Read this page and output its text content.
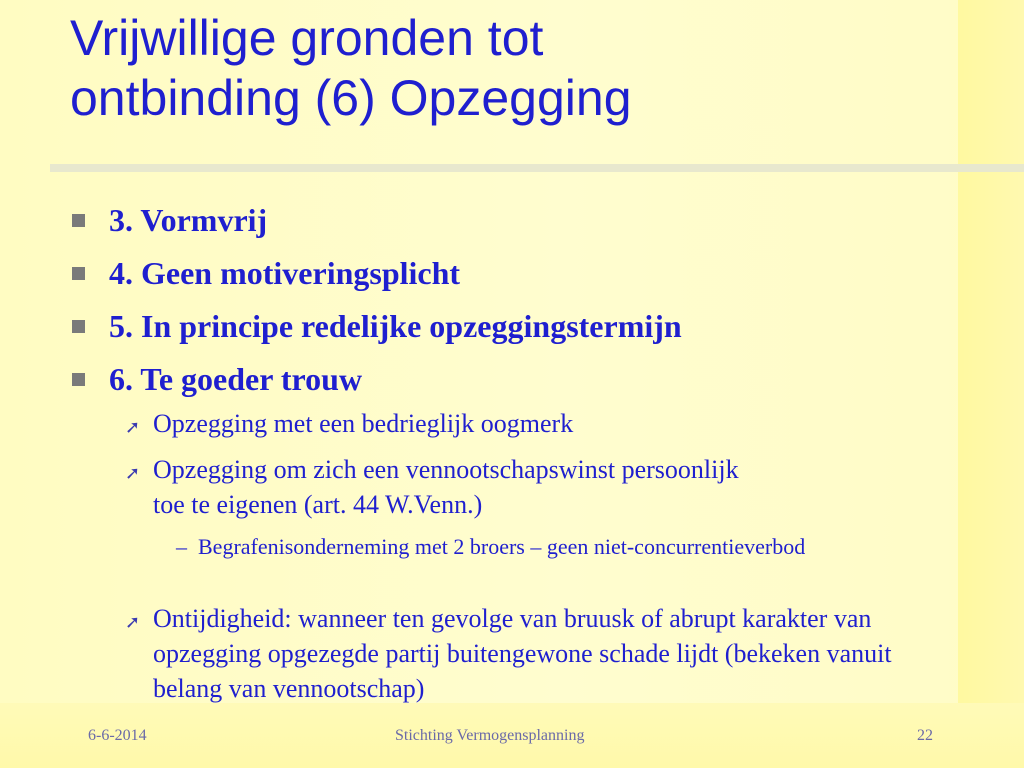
Vrijwillige gronden tot
ontbinding (6) Opzegging
3. Vormvrij
4. Geen motiveringsplicht
5. In principe redelijke opzeggingstermijn
6. Te goeder trouw
➚ Opzegging met een bedrieglijk oogmerk
➚ Opzegging om zich een vennootschapswinst persoonlijk toe te eigenen (art. 44 W.Venn.)
– Begrafenisonderneming met 2 broers – geen niet-concurrentieverbod
➚ Ontijdigheid: wanneer ten gevolge van bruusk of abrupt karakter van opzegging opgezegde partij buitengewone schade lijdt (bekeken vanuit belang van vennootschap)
6-6-2014	Stichting Vermogensplanning	22
